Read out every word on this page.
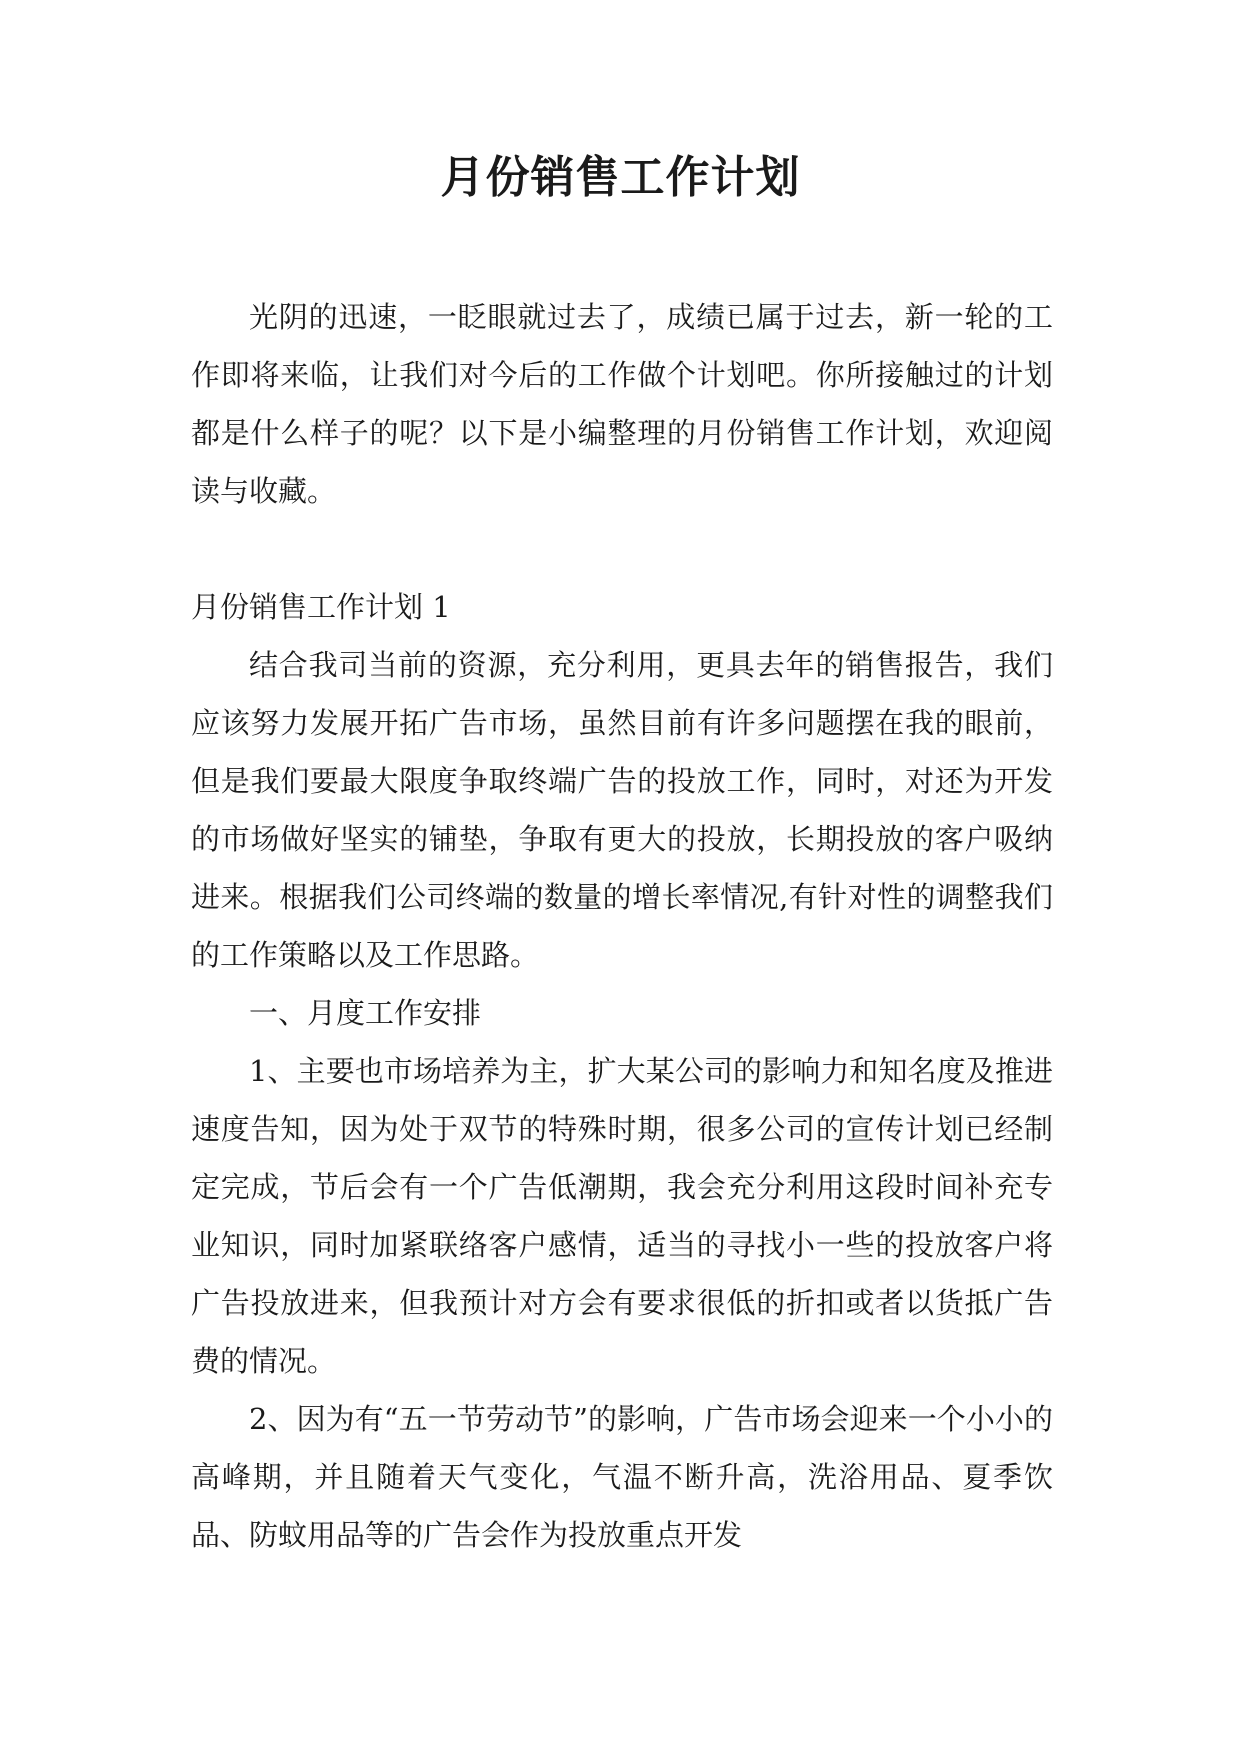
月份销售工作计划

光阴的迅速，一眨眼就过去了，成绩已属于过去，新一轮的工作即将来临，让我们对今后的工作做个计划吧。你所接触过的计划都是什么样子的呢？以下是小编整理的月份销售工作计划，欢迎阅读与收藏。

月份销售工作计划 1

结合我司当前的资源，充分利用，更具去年的销售报告，我们应该努力发展开拓广告市场，虽然目前有许多问题摆在我的眼前，但是我们要最大限度争取终端广告的投放工作，同时，对还为开发的市场做好坚实的铺垫，争取有更大的投放，长期投放的客户吸纳进来。根据我们公司终端的数量的增长率情况,有针对性的调整我们的工作策略以及工作思路。

一、月度工作安排

1、主要也市场培养为主，扩大某公司的影响力和知名度及推进速度告知，因为处于双节的特殊时期，很多公司的宣传计划已经制定完成，节后会有一个广告低潮期，我会充分利用这段时间补充专业知识，同时加紧联络客户感情，适当的寻找小一些的投放客户将广告投放进来，但我预计对方会有要求很低的折扣或者以货抵广告费的情况。

2、因为有“五一节劳动节”的影响，广告市场会迎来一个小小的高峰期，并且随着天气变化，气温不断升高，洗浴用品、夏季饮品、防蚊用品等的广告会作为投放重点开发
